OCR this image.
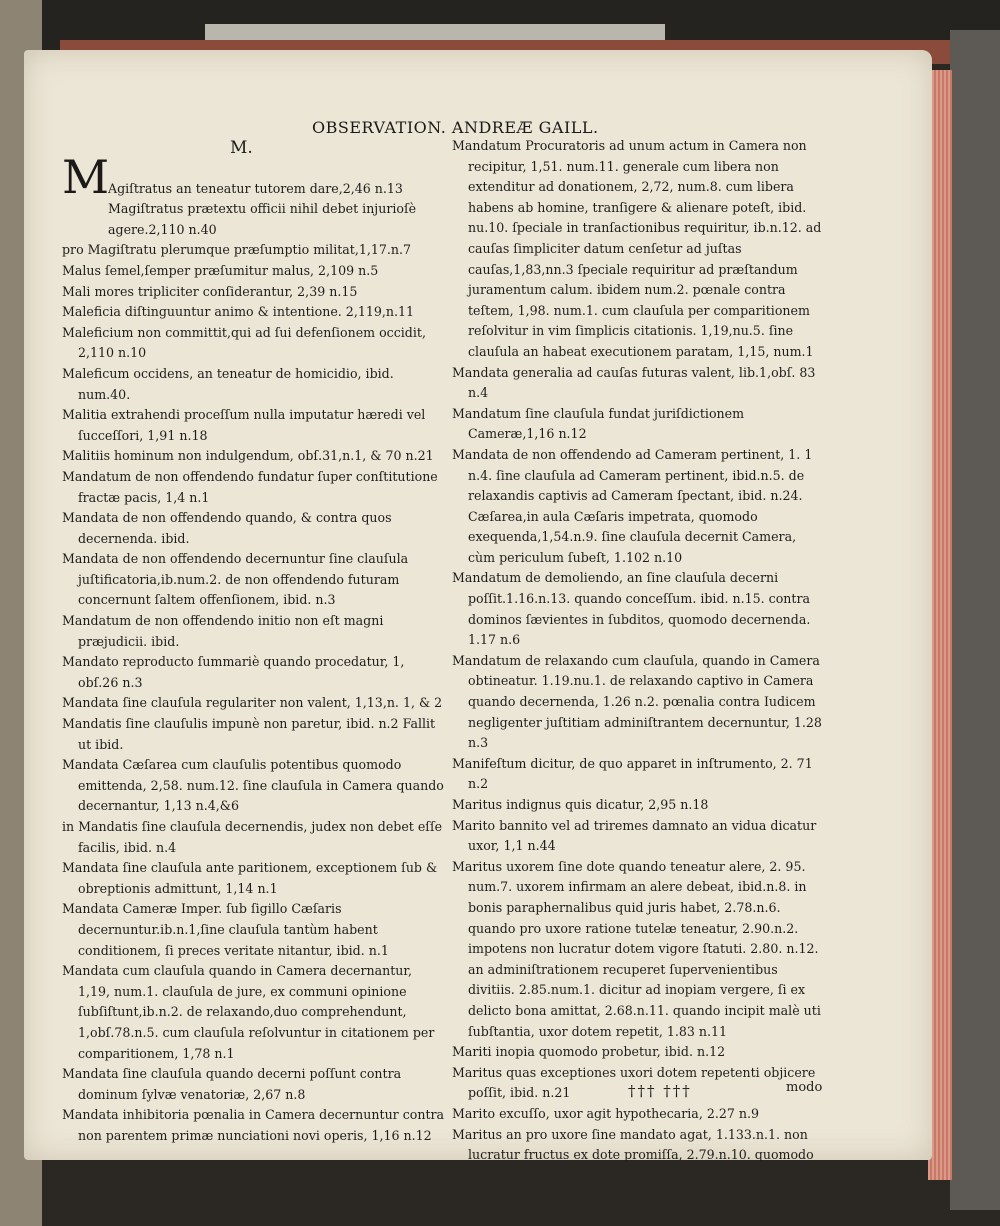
OBSERVATION. ANDREÆ GAILL.
M.

M
Agiſtratus an teneatur tutorem dare,2,46 n.13
Magiſtratus prætextu officii nihil debet injurioſè agere.2,110 n.40

pro Magiſtratu plerumque præſumptio militat,1,17.n.7

Malus ſemel,ſemper præſumitur malus, 2,109 n.5

Mali mores tripliciter conſiderantur, 2,39 n.15

Maleficia diſtinguuntur animo & intentione. 2,119,n.11

Maleficium non committit,qui ad ſui defenſionem occidit, 2,110 n.10

Maleficum occidens, an teneatur de homicidio, ibid. num.40.

Malitia extrahendi proceſſum nulla imputatur hæredi vel ſucceſſori, 1,91 n.18

Malitiis hominum non indulgendum, obſ.31,n.1, & 70 n.21

Mandatum de non offendendo fundatur ſuper conſtitutione fractæ pacis, 1,4 n.1

Mandata de non offendendo quando, & contra quos decernenda. ibid.

Mandata de non offendendo decernuntur ſine clauſula juſtificatoria,ib.num.2. de non offendendo futuram concernunt ſaltem offenſionem, ibid. n.3

Mandatum de non offendendo initio non eſt magni præjudicii. ibid.

Mandato reproducto ſummariè quando procedatur, 1, obſ.26 n.3

Mandata ſine clauſula regulariter non valent, 1,13,n. 1, & 2

Mandatis ſine clauſulis impunè non paretur, ibid. n.2 Fallit ut ibid.

Mandata Cæſarea cum clauſulis potentibus quomodo emittenda, 2,58. num.12. ſine clauſula in Camera quando decernantur, 1,13 n.4,&6

in Mandatis ſine clauſula decernendis, judex non debet eſſe facilis, ibid. n.4

Mandata ſine clauſula ante paritionem, exceptionem ſub & obreptionis admittunt, 1,14 n.1

Mandata Cameræ Imper. ſub ſigillo Cæſaris decernuntur.ib.n.1,ſine clauſula tantùm habent conditionem, ſi preces veritate nitantur, ibid. n.1

Mandata cum clauſula quando in Camera decernantur, 1,19, num.1. clauſula de jure, ex communi opinione ſubſiſtunt,ib.n.2. de relaxando,duo comprehendunt, 1,obſ.78.n.5. cum clauſula reſolvuntur in citationem per comparitionem, 1,78 n.1

Mandata ſine clauſula quando decerni poſſunt contra dominum ſylvæ venatoriæ, 2,67 n.8

Mandata inhibitoria pœnalia in Camera decernuntur contra non parentem primæ nunciationi novi operis, 1,16 n.12

Mandatum Procuratoris ad unum actum in Camera non recipitur, 1,51. num.11. generale cum libera non extenditur ad donationem, 2,72, num.8. cum libera habens ab homine, tranſigere & alienare poteſt, ibid. nu.10. ſpeciale in tranſactionibus requiritur, ib.n.12. ad cauſas ſimpliciter datum cenſetur ad juſtas cauſas,1,83,nn.3 ſpeciale requiritur ad præſtandum juramentum calum. ibidem num.2. pœnale contra teſtem, 1,98. num.1. cum clauſula per comparitionem reſolvitur in vim ſimplicis citationis. 1,19,nu.5. ſine clauſula an habeat executionem paratam, 1,15, num.1

Mandata generalia ad cauſas futuras valent, lib.1,obſ. 83 n.4

Mandatum ſine clauſula fundat juriſdictionem Cameræ,1,16 n.12

Mandata de non offendendo ad Cameram pertinent, 1. 1 n.4. ſine clauſula ad Cameram pertinent, ibid.n.5. de relaxandis captivis ad Cameram ſpectant, ibid. n.24. Cæſarea,in aula Cæſaris impetrata, quomodo exequenda,1,54.n.9. ſine clauſula decernit Camera, cùm periculum ſubeſt, 1.102 n.10

Mandatum de demoliendo, an ſine clauſula decerni poſſit.1.16.n.13. quando conceſſum. ibid. n.15. contra dominos ſævientes in ſubditos, quomodo decernenda. 1.17 n.6

Mandatum de relaxando cum clauſula, quando in Camera obtineatur. 1.19.nu.1. de relaxando captivo in Camera quando decernenda, 1.26 n.2. pœnalia contra Iudicem negligenter juſtitiam adminiſtrantem decernuntur, 1.28 n.3

Manifeſtum dicitur, de quo apparet in inſtrumento, 2. 71 n.2

Maritus indignus quis dicatur, 2,95 n.18

Marito bannito vel ad triremes damnato an vidua dicatur uxor, 1,1 n.44

Maritus uxorem ſine dote quando teneatur alere, 2. 95. num.7. uxorem infirmam an alere debeat, ibid.n.8. in bonis paraphernalibus quid juris habet, 2.78.n.6. quando pro uxore ratione tutelæ teneatur, 2.90.n.2. impotens non lucratur dotem vigore ſtatuti. 2.80. n.12. an adminiſtrationem recuperet ſupervenientibus divitiis. 2.85.num.1. dicitur ad inopiam vergere, ſi ex delicto bona amittat, 2.68.n.11. quando incipit malè uti ſubſtantia, uxor dotem repetit, 1.83 n.11

Mariti inopia quomodo probetur, ibid. n.12

Maritus quas exceptiones uxori dotem repetenti objicere poſſit, ibid. n.21

Marito excuſſo, uxor agit hypothecaria, 2.27 n.9

Maritus an pro uxore ſine mandato agat, 1.133.n.1. non lucratur fructus ex dote promiſſa, 2.79.n.10. quomodo

††† †††	modo
